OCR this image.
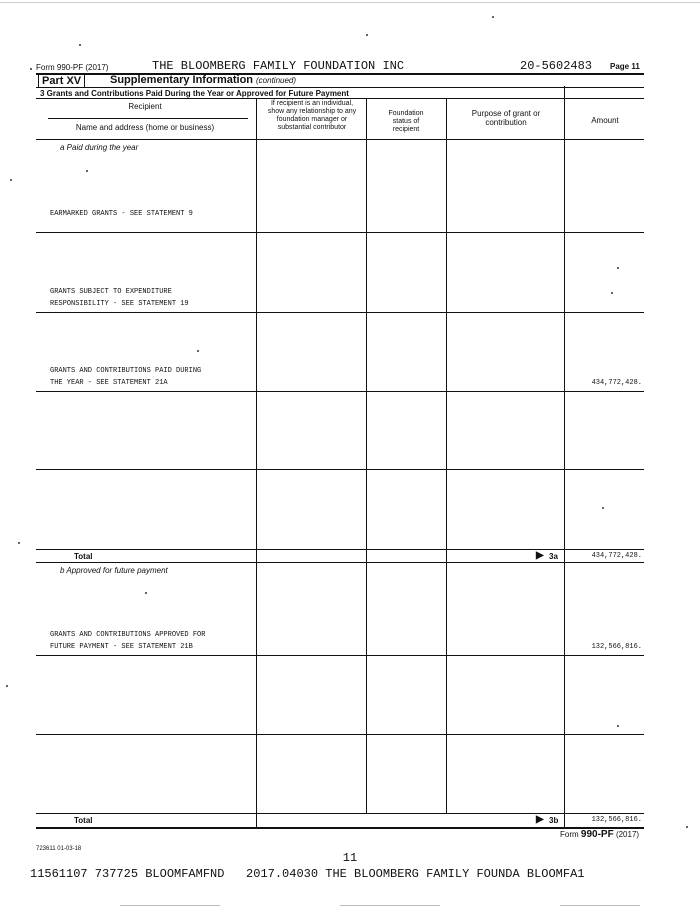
Form 990-PF (2017)	THE BLOOMBERG FAMILY FOUNDATION INC	20-5602483 Page 11
Part XV	Supplementary Information (continued)
3 Grants and Contributions Paid During the Year or Approved for Future Payment
Recipient
Name and address (home or business)
If recipient is an individual, show any relationship to any foundation manager or substantial contributor
Foundation status of recipient
Purpose of grant or contribution	Amount
a Paid during the year
EARMARKED GRANTS - SEE STATEMENT 9
GRANTS SUBJECT TO EXPENDITURE
RESPONSIBILITY - SEE STATEMENT 19
GRANTS AND CONTRIBUTIONS PAID DURING
THE YEAR - SEE STATEMENT 21A	434,772,428.
Total	▶ 3a	434,772,428.
b Approved for future payment
GRANTS AND CONTRIBUTIONS APPROVED FOR
FUTURE PAYMENT - SEE STATEMENT 21B	132,566,816.
Total	▶ 3b	132,566,816.
Form 990-PF (2017)
723611 01-03-18
11
11561107 737725 BLOOMFAMFND   2017.04030 THE BLOOMBERG FAMILY FOUNDA BLOOMFA1
